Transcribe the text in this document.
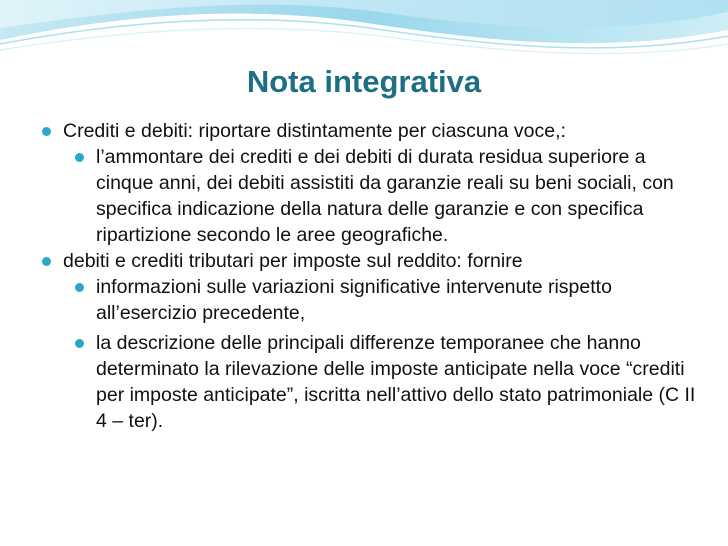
Nota integrativa
Crediti e debiti: riportare distintamente per ciascuna voce,:
l’ammontare dei crediti e dei debiti di durata residua superiore a cinque anni, dei debiti assistiti da garanzie reali su beni sociali, con specifica indicazione della natura delle garanzie e con specifica ripartizione secondo le aree geografiche.
debiti e crediti tributari per imposte sul reddito: fornire
informazioni sulle variazioni significative intervenute rispetto all’esercizio precedente,
la descrizione delle principali differenze temporanee che hanno determinato la rilevazione delle imposte anticipate nella voce “crediti per imposte anticipate”, iscritta nell’attivo dello stato patrimoniale (C II 4 – ter).
